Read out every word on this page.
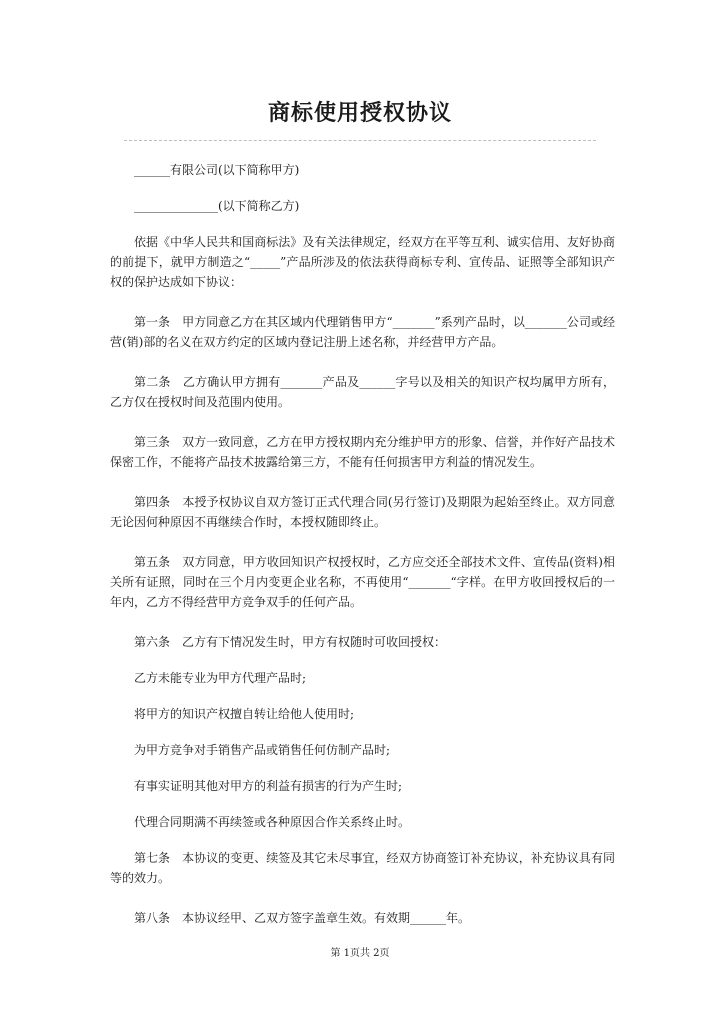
商标使用授权协议

______有限公司(以下简称甲方)

______________(以下简称乙方)

依据《中华人民共和国商标法》及有关法律规定，经双方在平等互利、诚实信用、友好协商的前提下，就甲方制造之“_____”产品所涉及的依法获得商标专利、宣传品、证照等全部知识产权的保护达成如下协议：

第一条　甲方同意乙方在其区域内代理销售甲方“_______”系列产品时，以_______公司或经营(销)部的名义在双方约定的区域内登记注册上述名称，并经营甲方产品。

第二条　乙方确认甲方拥有_______产品及______字号以及相关的知识产权均属甲方所有，乙方仅在授权时间及范围内使用。

第三条　双方一致同意，乙方在甲方授权期内充分维护甲方的形象、信誉，并作好产品技术保密工作，不能将产品技术披露给第三方，不能有任何损害甲方利益的情况发生。

第四条　本授予权协议自双方签订正式代理合同(另行签订)及期限为起始至终止。双方同意无论因何种原因不再继续合作时，本授权随即终止。

第五条　双方同意，甲方收回知识产权授权时，乙方应交还全部技术文件、宣传品(资料)相关所有证照，同时在三个月内变更企业名称，不再使用“_______“字样。在甲方收回授权后的一年内，乙方不得经营甲方竞争双手的任何产品。

第六条　乙方有下情况发生时，甲方有权随时可收回授权：

乙方未能专业为甲方代理产品时;

将甲方的知识产权擅自转让给他人使用时;

为甲方竞争对手销售产品或销售任何仿制产品时;

有事实证明其他对甲方的利益有损害的行为产生时;

代理合同期满不再续签或各种原因合作关系终止时。

第七条　本协议的变更、续签及其它未尽事宜，经双方协商签订补充协议，补充协议具有同等的效力。

第八条　本协议经甲、乙双方签字盖章生效。有效期______年。

第 1页共 2页
